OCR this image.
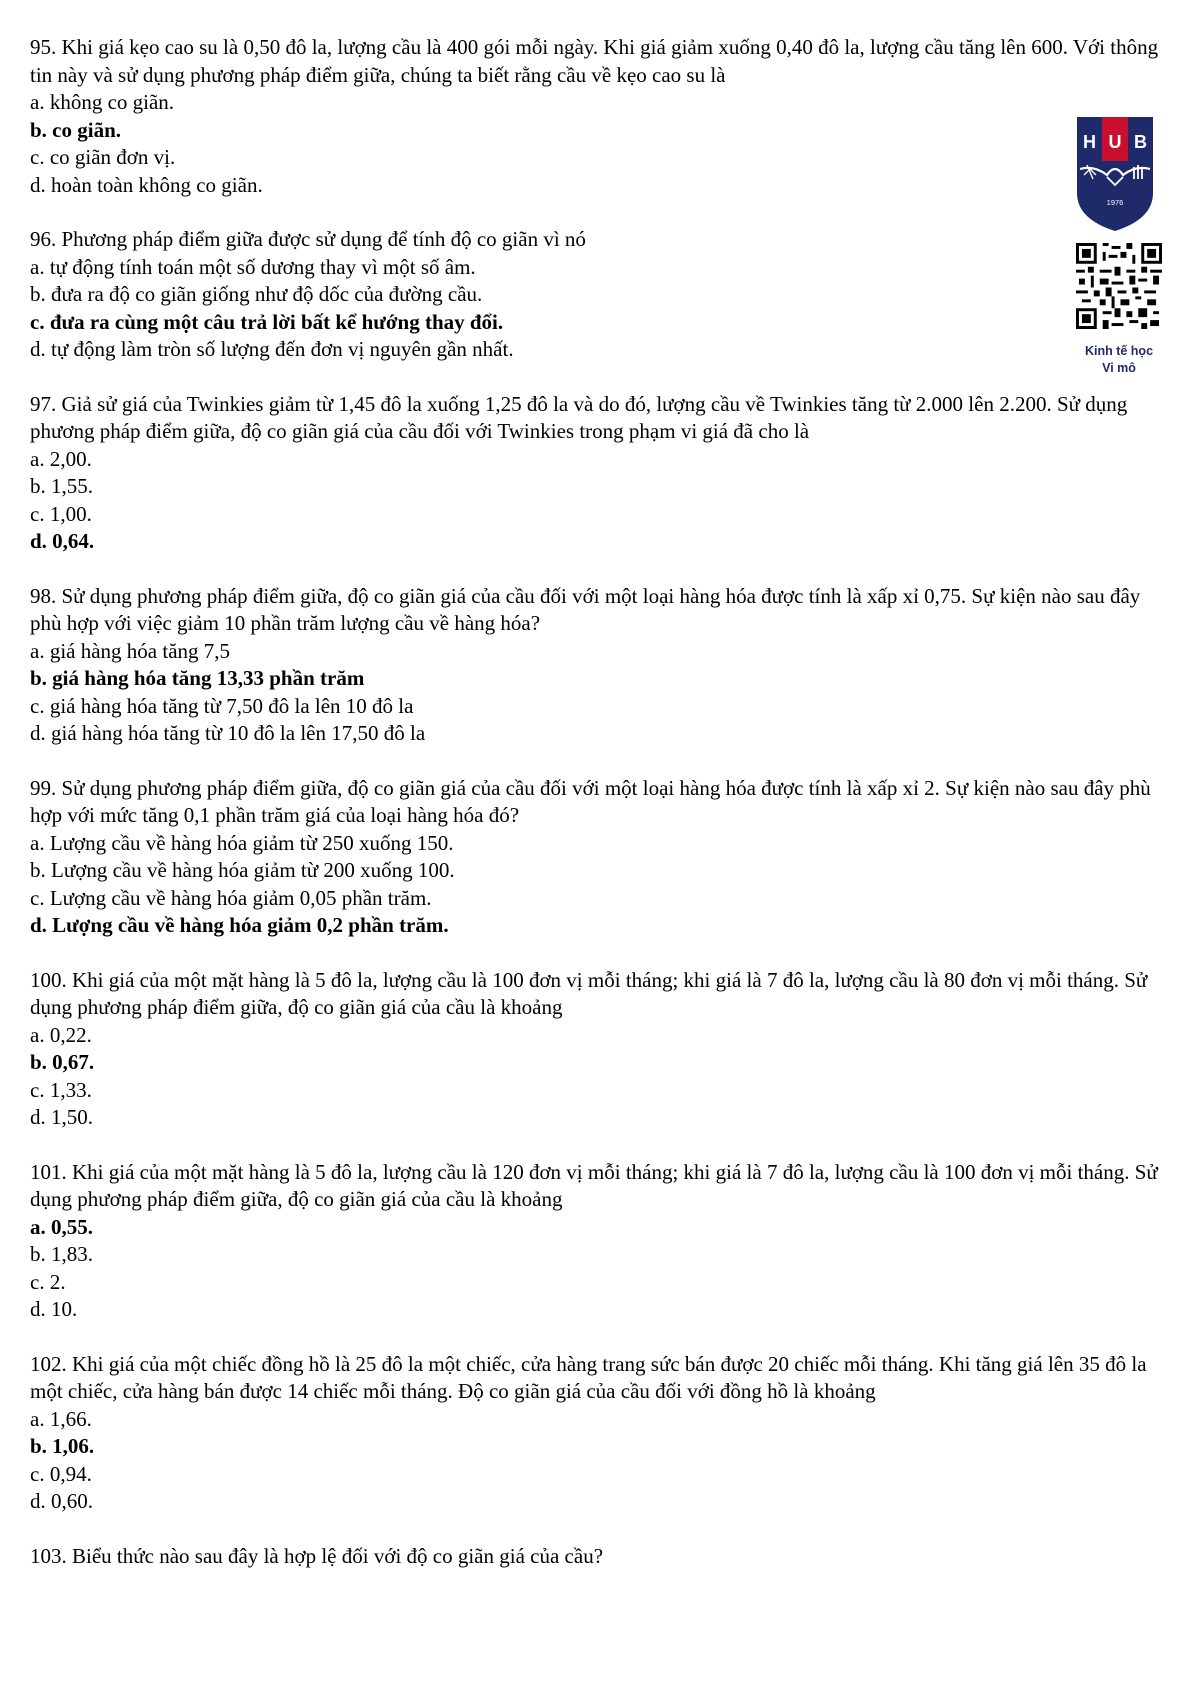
95. Khi giá kẹo cao su là 0,50 đô la, lượng cầu là 400 gói mỗi ngày. Khi giá giảm xuống 0,40 đô la, lượng cầu tăng lên 600. Với thông tin này và sử dụng phương pháp điểm giữa, chúng ta biết rằng cầu về kẹo cao su là

a. không co giãn.

b. co giãn.

c. co giãn đơn vị.

d. hoàn toàn không co giãn.

96. Phương pháp điểm giữa được sử dụng để tính độ co giãn vì nó

a. tự động tính toán một số dương thay vì một số âm.

b. đưa ra độ co giãn giống như độ dốc của đường cầu.

c. đưa ra cùng một câu trả lời bất kể hướng thay đổi.

d. tự động làm tròn số lượng đến đơn vị nguyên gần nhất.

97. Giả sử giá của Twinkies giảm từ 1,45 đô la xuống 1,25 đô la và do đó, lượng cầu về Twinkies tăng từ 2.000 lên 2.200. Sử dụng phương pháp điểm giữa, độ co giãn giá của cầu đối với Twinkies trong phạm vi giá đã cho là

a. 2,00.

b. 1,55.

c. 1,00.

d. 0,64.

98. Sử dụng phương pháp điểm giữa, độ co giãn giá của cầu đối với một loại hàng hóa được tính là xấp xỉ 0,75. Sự kiện nào sau đây phù hợp với việc giảm 10 phần trăm lượng cầu về hàng hóa?

a. giá hàng hóa tăng 7,5

b. giá hàng hóa tăng 13,33 phần trăm

c. giá hàng hóa tăng từ 7,50 đô la lên 10 đô la

d. giá hàng hóa tăng từ 10 đô la lên 17,50 đô la

99. Sử dụng phương pháp điểm giữa, độ co giãn giá của cầu đối với một loại hàng hóa được tính là xấp xỉ 2. Sự kiện nào sau đây phù hợp với mức tăng 0,1 phần trăm giá của loại hàng hóa đó?

a. Lượng cầu về hàng hóa giảm từ 250 xuống 150.

b. Lượng cầu về hàng hóa giảm từ 200 xuống 100.

c. Lượng cầu về hàng hóa giảm 0,05 phần trăm.

d. Lượng cầu về hàng hóa giảm 0,2 phần trăm.

100. Khi giá của một mặt hàng là 5 đô la, lượng cầu là 100 đơn vị mỗi tháng; khi giá là 7 đô la, lượng cầu là 80 đơn vị mỗi tháng. Sử dụng phương pháp điểm giữa, độ co giãn giá của cầu là khoảng

a. 0,22.

b. 0,67.

c. 1,33.

d. 1,50.

101. Khi giá của một mặt hàng là 5 đô la, lượng cầu là 120 đơn vị mỗi tháng; khi giá là 7 đô la, lượng cầu là 100 đơn vị mỗi tháng. Sử dụng phương pháp điểm giữa, độ co giãn giá của cầu là khoảng

a. 0,55.

b. 1,83.

c. 2.

d. 10.

102. Khi giá của một chiếc đồng hồ là 25 đô la một chiếc, cửa hàng trang sức bán được 20 chiếc mỗi tháng. Khi tăng giá lên 35 đô la một chiếc, cửa hàng bán được 14 chiếc mỗi tháng. Độ co giãn giá của cầu đối với đồng hồ là khoảng

a. 1,66.

b. 1,06.

c. 0,94.

d. 0,60.

103. Biểu thức nào sau đây là hợp lệ đối với độ co giãn giá của cầu?

H U B
1976
Kinh tế học
Vi mô
